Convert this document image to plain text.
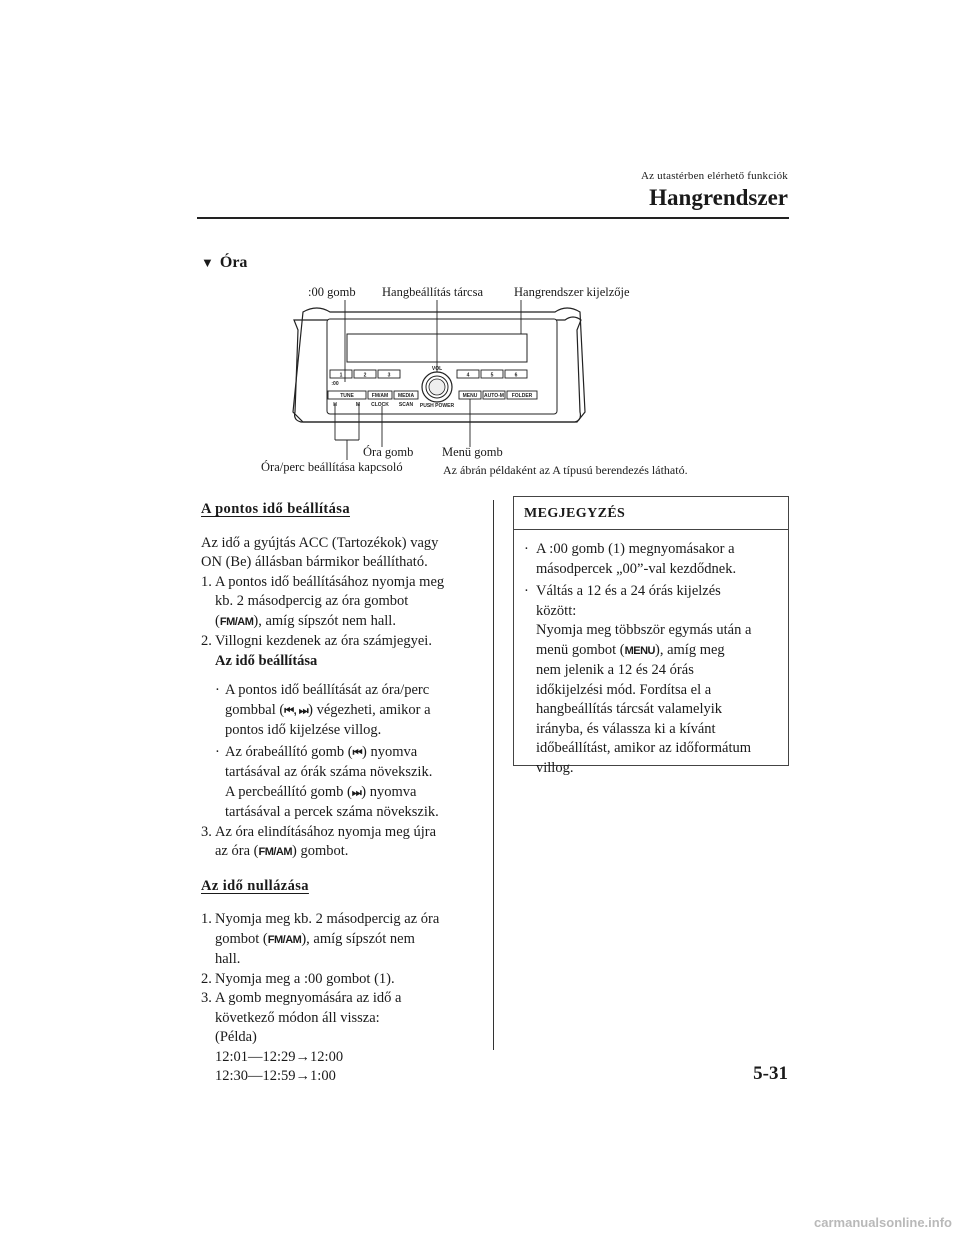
Az utastérben elérhető funkciók
Hangrendszer
▼ Óra
:00 gomb Hangbeállítás tárcsa Hangrendszer kijelzője
1	2	3	4	5	6
:00
VOL
PUSH POWER
TUNE	FM/AM MEDIA
H	M CLOCK SCAN
MENU AUTO-M FOLDER
Óra gomb Menü gomb
Óra/perc beállítása kapcsoló	Az ábrán példaként az A típusú berendezés látható.
A pontos idő beállítása
Az idő a gyújtás ACC (Tartozékok) vagy
ON (Be) állásban bármikor beállítható.
1. A pontos idő beállításához nyomja meg
kb. 2 másodpercig az óra gombot
(FM/AM), amíg sípszót nem hall.
2. Villogni kezdenek az óra számjegyei.
Az idő beállítása
· A pontos idő beállítását az óra/perc
gombbal (⏮, ⏭) végezheti, amikor a
pontos idő kijelzése villog.
· Az órabeállító gomb (⏮) nyomva
tartásával az órák száma növekszik.
A percbeállító gomb (⏭) nyomva
tartásával a percek száma növekszik.
3. Az óra elindításához nyomja meg újra
az óra (FM/AM) gombot.
Az idő nullázása
1. Nyomja meg kb. 2 másodpercig az óra
gombot (FM/AM), amíg sípszót nem
hall.
2. Nyomja meg a :00 gombot (1).
3. A gomb megnyomására az idő a
következő módon áll vissza:
(Példa)
12:01―12:29→12:00
12:30―12:59→1:00
MEGJEGYZÉS
· A :00 gomb (1) megnyomásakor a
másodpercek „00”-val kezdődnek.
· Váltás a 12 és a 24 órás kijelzés
között:
Nyomja meg többször egymás után a
menü gombot (MENU), amíg meg
nem jelenik a 12 és 24 órás
időkijelzési mód. Fordítsa el a
hangbeállítás tárcsát valamelyik
irányba, és válassza ki a kívánt
időbeállítást, amikor az időformátum
villog.
5-31
carmanualsonline.info
